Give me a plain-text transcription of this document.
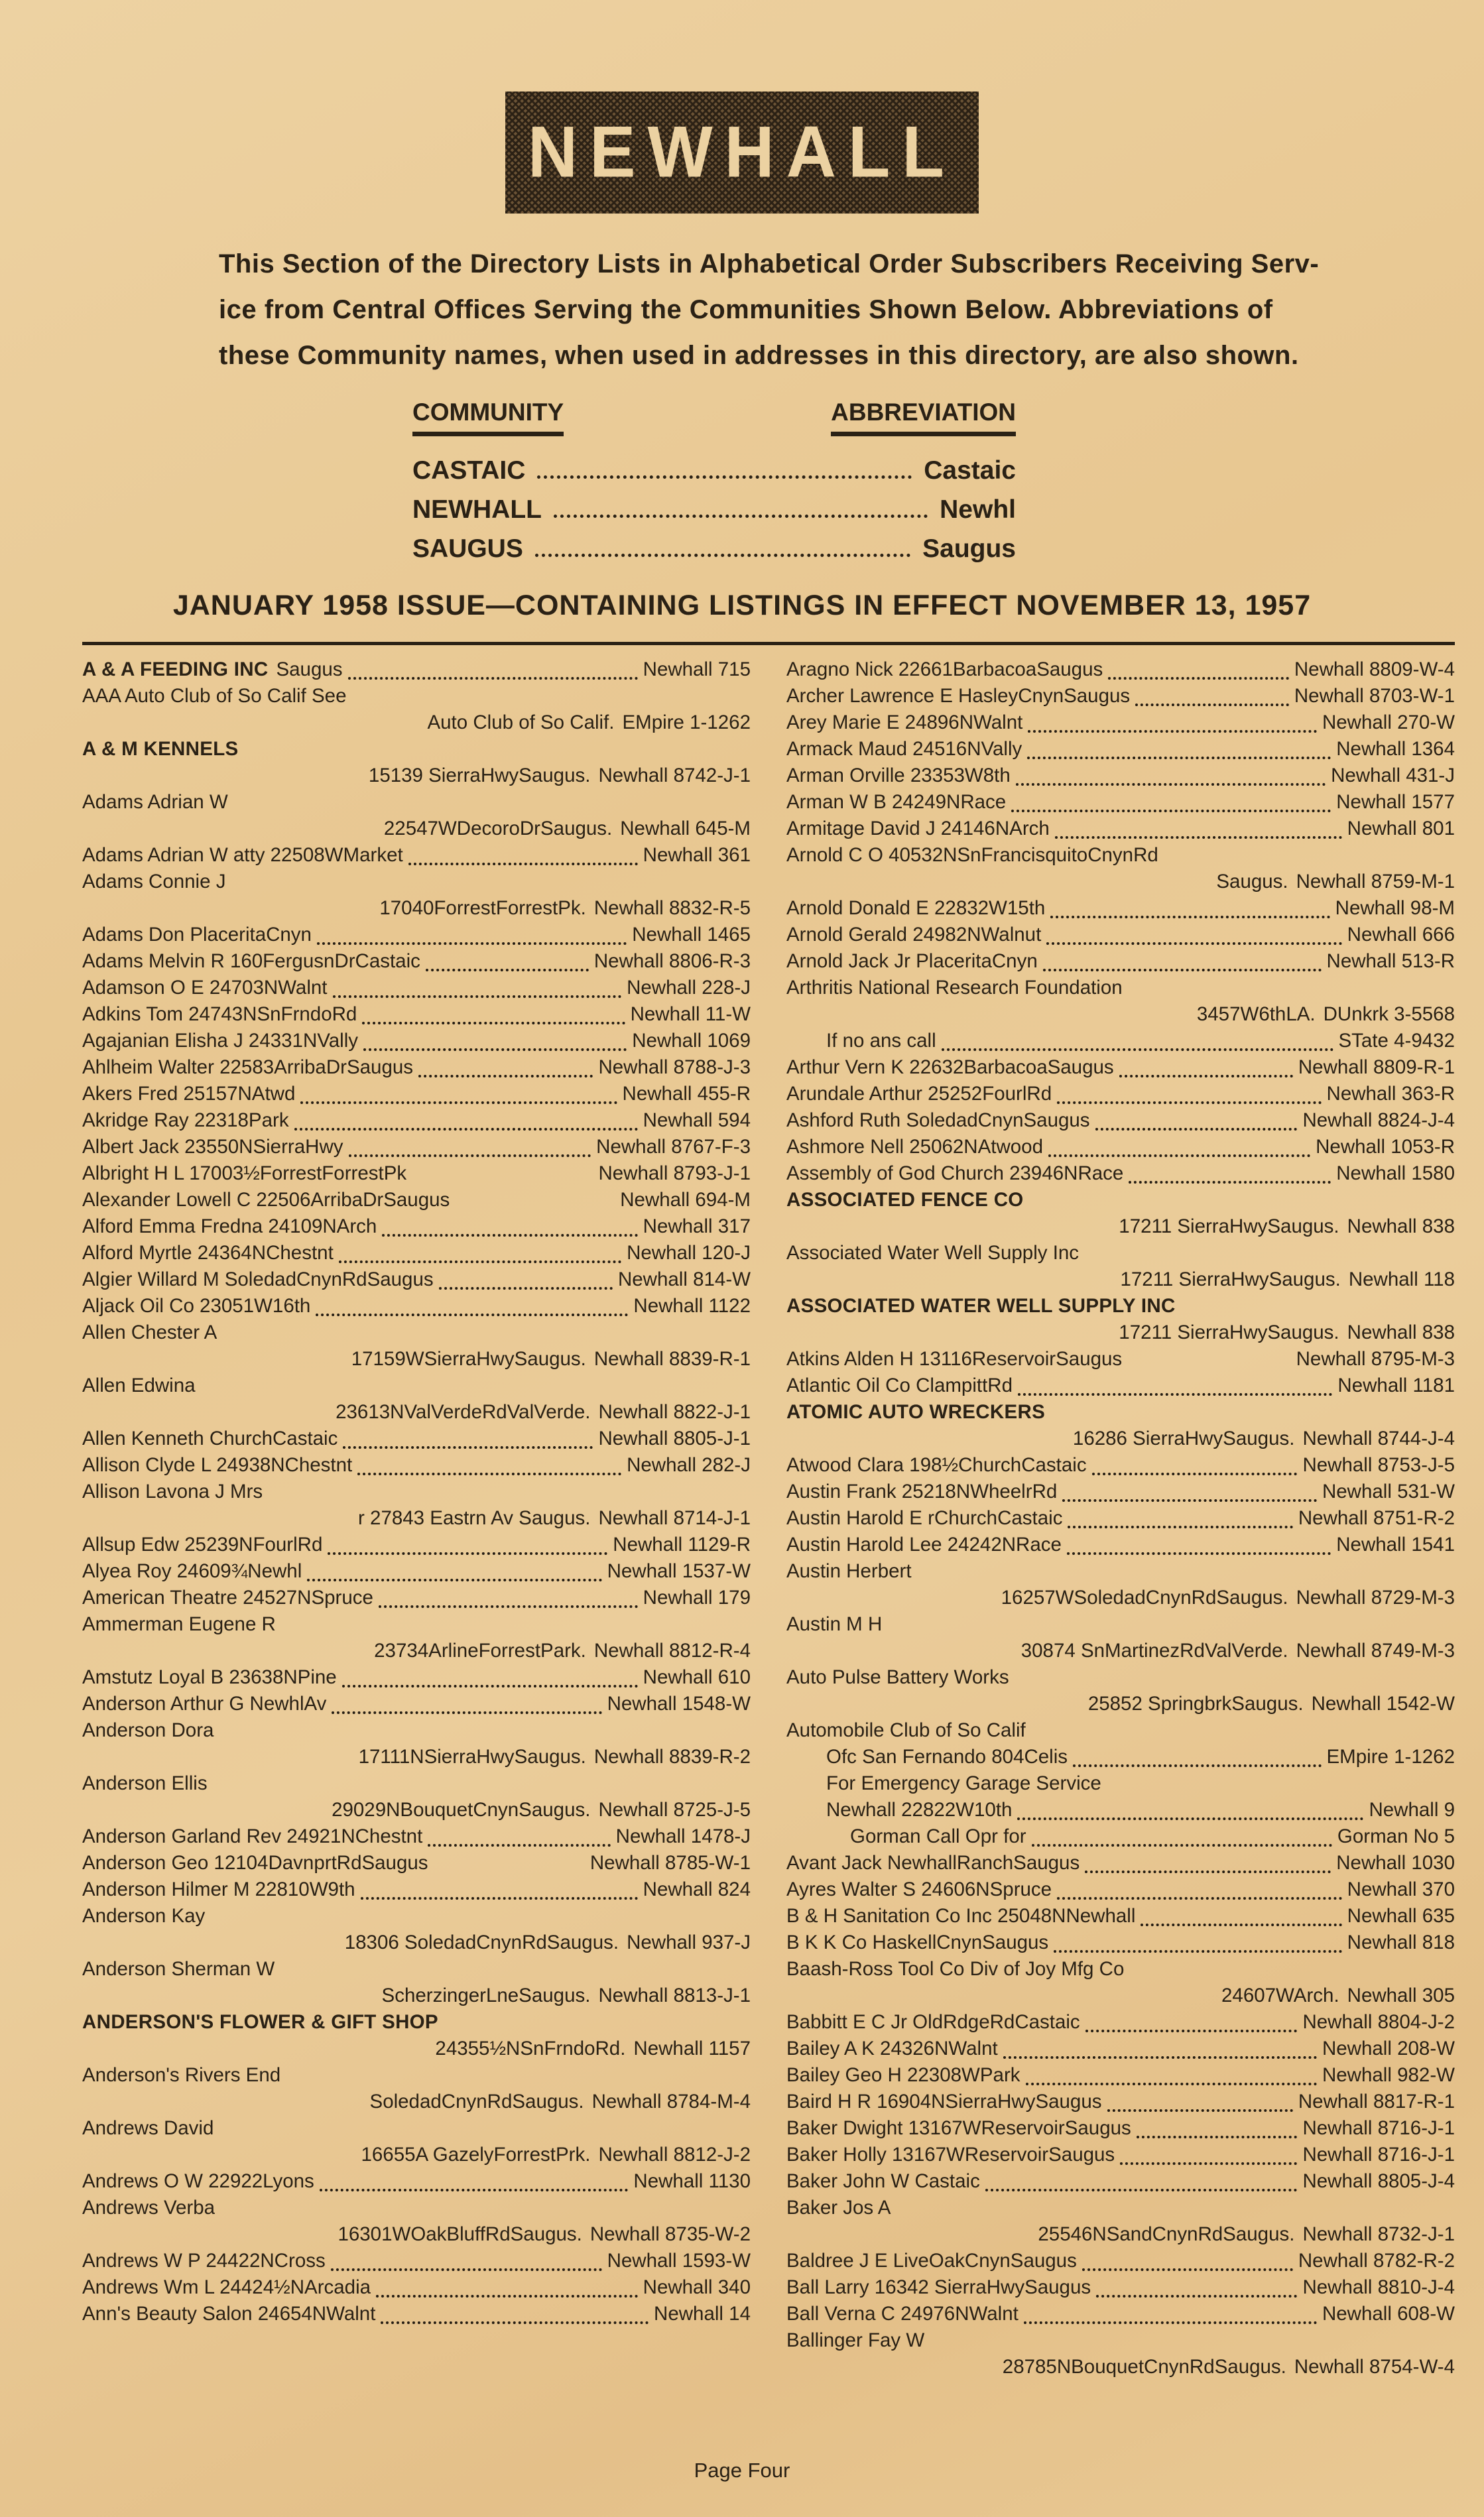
NEWHALL
This Section of the Directory Lists in Alphabetical Order Subscribers Receiving Serv-
ice from Central Offices Serving the Communities Shown Below. Abbreviations of
these Community names, when used in addresses in this directory, are also shown.
COMMUNITY	ABBREVIATION
CASTAIC	Castaic
NEWHALL	Newhl
SAUGUS	Saugus
JANUARY 1958 ISSUE—CONTAINING LISTINGS IN EFFECT NOVEMBER 13, 1957
A & A FEEDING INC Saugus	Newhall 715
AAA Auto Club of So Calif See
Auto Club of So Calif. EMpire 1-1262
A & M KENNELS
15139 SierraHwySaugus. Newhall 8742-J-1
Adams Adrian W
22547WDecoroDrSaugus. Newhall 645-M
Adams Adrian W atty 22508WMarket	Newhall 361
Adams Connie J
17040ForrestForrestPk. Newhall 8832-R-5
Adams Don PlaceritaCnyn	Newhall 1465
Adams Melvin R 160FergusnDrCastaic	Newhall 8806-R-3
Adamson O E 24703NWalnt	Newhall 228-J
Adkins Tom 24743NSnFrndoRd	Newhall 11-W
Agajanian Elisha J 24331NVally	Newhall 1069
Ahlheim Walter 22583ArribaDrSaugus	Newhall 8788-J-3
Akers Fred 25157NAtwd	Newhall 455-R
Akridge Ray 22318Park	Newhall 594
Albert Jack 23550NSierraHwy	Newhall 8767-F-3
Albright H L 17003½ForrestForrestPk	Newhall 8793-J-1
Alexander Lowell C 22506ArribaDrSaugus	Newhall 694-M
Alford Emma Fredna 24109NArch	Newhall 317
Alford Myrtle 24364NChestnt	Newhall 120-J
Algier Willard M SoledadCnynRdSaugus	Newhall 814-W
Aljack Oil Co 23051W16th	Newhall 1122
Allen Chester A
17159WSierraHwySaugus. Newhall 8839-R-1
Allen Edwina
23613NValVerdeRdValVerde. Newhall 8822-J-1
Allen Kenneth ChurchCastaic	Newhall 8805-J-1
Allison Clyde L 24938NChestnt	Newhall 282-J
Allison Lavona J Mrs
r 27843 Eastrn Av Saugus. Newhall 8714-J-1
Allsup Edw 25239NFourlRd	Newhall 1129-R
Alyea Roy 24609¾Newhl	Newhall 1537-W
American Theatre 24527NSpruce	Newhall 179
Ammerman Eugene R
23734ArlineForrestPark. Newhall 8812-R-4
Amstutz Loyal B 23638NPine	Newhall 610
Anderson Arthur G NewhlAv	Newhall 1548-W
Anderson Dora
17111NSierraHwySaugus. Newhall 8839-R-2
Anderson Ellis
29029NBouquetCnynSaugus. Newhall 8725-J-5
Anderson Garland Rev 24921NChestnt	Newhall 1478-J
Anderson Geo 12104DavnprtRdSaugus	Newhall 8785-W-1
Anderson Hilmer M 22810W9th	Newhall 824
Anderson Kay
18306 SoledadCnynRdSaugus. Newhall 937-J
Anderson Sherman W
ScherzingerLneSaugus. Newhall 8813-J-1
ANDERSON'S FLOWER & GIFT SHOP
24355½NSnFrndoRd. Newhall 1157
Anderson's Rivers End
SoledadCnynRdSaugus. Newhall 8784-M-4
Andrews David
16655A GazelyForrestPrk. Newhall 8812-J-2
Andrews O W 22922Lyons	Newhall 1130
Andrews Verba
16301WOakBluffRdSaugus. Newhall 8735-W-2
Andrews W P 24422NCross	Newhall 1593-W
Andrews Wm L 24424½NArcadia	Newhall 340
Ann's Beauty Salon 24654NWalnt	Newhall 14
Aragno Nick 22661BarbacoaSaugus	Newhall 8809-W-4
Archer Lawrence E HasleyCnynSaugus	Newhall 8703-W-1
Arey Marie E 24896NWalnt	Newhall 270-W
Armack Maud 24516NVally	Newhall 1364
Arman Orville 23353W8th	Newhall 431-J
Arman W B 24249NRace	Newhall 1577
Armitage David J 24146NArch	Newhall 801
Arnold C O 40532NSnFrancisquitoCnynRd
Saugus. Newhall 8759-M-1
Arnold Donald E 22832W15th	Newhall 98-M
Arnold Gerald 24982NWalnut	Newhall 666
Arnold Jack Jr PlaceritaCnyn	Newhall 513-R
Arthritis National Research Foundation
3457W6thLA. DUnkrk 3-5568
If no ans call	STate 4-9432
Arthur Vern K 22632BarbacoaSaugus	Newhall 8809-R-1
Arundale Arthur 25252FourlRd	Newhall 363-R
Ashford Ruth SoledadCnynSaugus	Newhall 8824-J-4
Ashmore Nell 25062NAtwood	Newhall 1053-R
Assembly of God Church 23946NRace	Newhall 1580
ASSOCIATED FENCE CO
17211 SierraHwySaugus. Newhall 838
Associated Water Well Supply Inc
17211 SierraHwySaugus. Newhall 118
ASSOCIATED WATER WELL SUPPLY INC
17211 SierraHwySaugus. Newhall 838
Atkins Alden H 13116ReservoirSaugus	Newhall 8795-M-3
Atlantic Oil Co ClampittRd	Newhall 1181
ATOMIC AUTO WRECKERS
16286 SierraHwySaugus. Newhall 8744-J-4
Atwood Clara 198½ChurchCastaic	Newhall 8753-J-5
Austin Frank 25218NWheelrRd	Newhall 531-W
Austin Harold E rChurchCastaic	Newhall 8751-R-2
Austin Harold Lee 24242NRace	Newhall 1541
Austin Herbert
16257WSoledadCnynRdSaugus. Newhall 8729-M-3
Austin M H
30874 SnMartinezRdValVerde. Newhall 8749-M-3
Auto Pulse Battery Works
25852 SpringbrkSaugus. Newhall 1542-W
Automobile Club of So Calif
Ofc San Fernando 804Celis	EMpire 1-1262
For Emergency Garage Service
Newhall 22822W10th	Newhall 9
Gorman Call Opr for	Gorman No 5
Avant Jack NewhallRanchSaugus	Newhall 1030
Ayres Walter S 24606NSpruce	Newhall 370
B & H Sanitation Co Inc 25048NNewhall	Newhall 635
B K K Co HaskellCnynSaugus	Newhall 818
Baash-Ross Tool Co Div of Joy Mfg Co
24607WArch. Newhall 305
Babbitt E C Jr OldRdgeRdCastaic	Newhall 8804-J-2
Bailey A K 24326NWalnt	Newhall 208-W
Bailey Geo H 22308WPark	Newhall 982-W
Baird H R 16904NSierraHwySaugus	Newhall 8817-R-1
Baker Dwight 13167WReservoirSaugus	Newhall 8716-J-1
Baker Holly 13167WReservoirSaugus	Newhall 8716-J-1
Baker John W Castaic	Newhall 8805-J-4
Baker Jos A
25546NSandCnynRdSaugus. Newhall 8732-J-1
Baldree J E LiveOakCnynSaugus	Newhall 8782-R-2
Ball Larry 16342 SierraHwySaugus	Newhall 8810-J-4
Ball Verna C 24976NWalnt	Newhall 608-W
Ballinger Fay W
28785NBouquetCnynRdSaugus. Newhall 8754-W-4
Page Four
